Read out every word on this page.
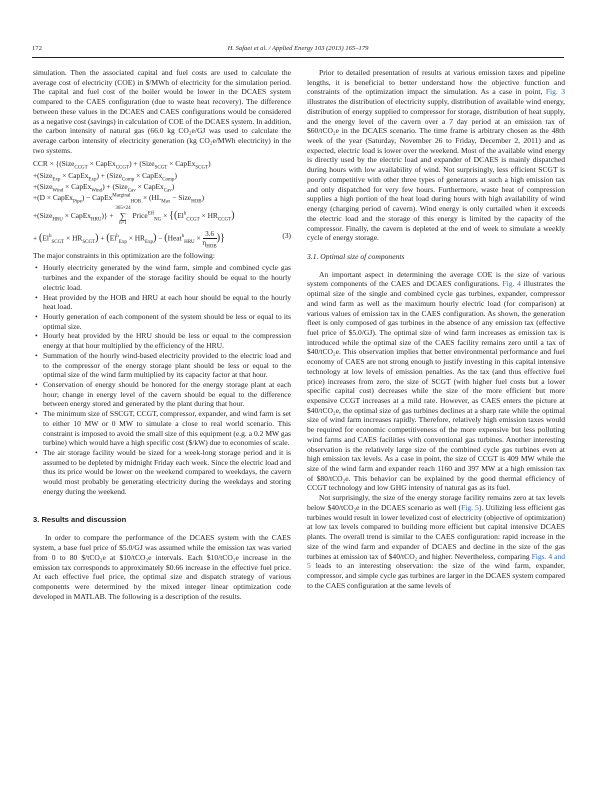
172	H. Safaei et al. / Applied Energy 103 (2013) 165–179

simulation. Then the associated capital and fuel costs are used to calculate the average cost of electricity (COE) in $/MWh of electricity for the simulation period. The capital and fuel cost of the boiler would be lower in the DCAES system compared to the CAES configuration (due to waste heat recovery). The difference between these values in the DCAES and CAES configurations would be considered as a negative cost (savings) in calculation of COE of the DCAES system. In addition, the carbon intensity of natural gas (66.0 kg CO₂e/GJ was used to calculate the average carbon intensity of electricity generation (kg CO₂e/MWh electricity) in the two systems.

CCR × {(Size$_{CCGT}$ × CapEx$_{CCGT}$) + (Size$_{SCGT}$ × CapEx$_{SCGT}$)
+(Size$_{Exp}$ × CapEx$_{Exp}$) + (Size$_{Comp}$ × CapEx$_{Comp}$)
+(Size$_{Wind}$ × CapEx$_{Wind}$) + (Size$_{Cav}$ × CapEx$_{Cav}$)
+(D × CapEx$_{Pipe}$) − CapEx$^{Marginal}_{HOB}$ × ($HL_{Max}$ − Size$_{HOB}$)
+(Size$_{HRU}$ × CapEx$_{HRU}$)} +
365×24
∑
h=1
Price$^{Eff}_{NG}$ × {$(El^h_{CCGT} \times HR_{CCGT})$
+ $(El^h_{SCGT} \times HR_{SCGT}) + (El^h_{Exp} \times HR_{Exp})$ − (Heat$^h_{HRU}$ × $\frac{3.6}{\eta_{HOB}}$ )}	(3)

The major constraints in this optimization are the following:

• Hourly electricity generated by the wind farm, simple and combined cycle gas turbines and the expander of the storage facility should be equal to the hourly electric load.
• Heat provided by the HOB and HRU at each hour should be equal to the hourly heat load.
• Hourly generation of each component of the system should be less or equal to its optimal size.
• Hourly heat provided by the HRU should be less or equal to the compression energy at that hour multiplied by the efficiency of the HRU.
• Summation of the hourly wind-based electricity provided to the electric load and to the compressor of the energy storage plant should be less or equal to the optimal size of the wind farm multiplied by its capacity factor at that hour.
• Conservation of energy should be honored for the energy storage plant at each hour; change in energy level of the cavern should be equal to the difference between energy stored and generated by the plant during that hour.
• The minimum size of SSCGT, CCGT, compressor, expander, and wind farm is set to either 10 MW or 0 MW to simulate a close to real world scenario. This constraint is imposed to avoid the small size of this equipment (e.g. a 0.2 MW gas turbine) which would have a high specific cost ($/kW) due to economies of scale.
• The air storage facility would be sized for a week-long storage period and it is assumed to be depleted by midnight Friday each week. Since the electric load and thus its price would be lower on the weekend compared to weekdays, the cavern would most probably be generating electricity during the weekdays and storing energy during the weekend.
3. Results and discussion

In order to compare the performance of the DCAES system with the CAES system, a base fuel price of $5.0/GJ was assumed while the emission tax was varied from 0 to 80 $/tCO₂e at $10/tCO₂e intervals. Each $10/tCO₂e increase in the emission tax corresponds to approximately $0.66 increase in the effective fuel price. At each effective fuel price, the optimal size and dispatch strategy of various components were determined by the mixed integer linear optimization code developed in MATLAB. The following is a description of the results.

Prior to detailed presentation of results at various emission taxes and pipeline lengths, it is beneficial to better understand how the objective function and constraints of the optimization impact the simulation. As a case in point, Fig. 3 illustrates the distribution of electricity supply, distribution of available wind energy, distribution of energy supplied to compressor for storage, distribution of heat supply, and the energy level of the cavern over a 7 day period at an emission tax of $60/tCO₂e in the DCAES scenario. The time frame is arbitrary chosen as the 48th week of the year (Saturday, November 26 to Friday, December 2, 2011) and as expected, electric load is lower over the weekend. Most of the available wind energy is directly used by the electric load and expander of DCAES is mainly dispatched during hours with low availability of wind. Not surprisingly, less efficient SCGT is poorly competitive with other three types of generators at such a high emission tax and only dispatched for very few hours. Furthermore, waste heat of compression supplies a high portion of the heat load during hours with high availability of wind energy (charging period of cavern). Wind energy is only curtailed when it exceeds the electric load and the storage of this energy is limited by the capacity of the compressor. Finally, the cavern is depleted at the end of week to simulate a weekly cycle of energy storage.

3.1. Optimal size of components

An important aspect in determining the average COE is the size of various system components of the CAES and DCAES configurations. Fig. 4 illustrates the optimal size of the single and combined cycle gas turbines, expander, compressor and wind farm as well as the maximum hourly electric load (for comparison) at various values of emission tax in the CAES configuration. As shown, the generation fleet is only composed of gas turbines in the absence of any emission tax (effective fuel price of $5.0/GJ). The optimal size of wind farm increases as emission tax is introduced while the optimal size of the CAES facility remains zero until a tax of $40/tCO₂e. This observation implies that better environmental performance and fuel economy of CAES are not strong enough to justify investing in this capital intensive technology at low levels of emission penalties. As the tax (and thus effective fuel price) increases from zero, the size of SCGT (with higher fuel costs but a lower specific capital cost) decreases while the size of the more efficient but more expensive CCGT increases at a mild rate. However, as CAES enters the picture at $40/tCO₂e, the optimal size of gas turbines declines at a sharp rate while the optimal size of wind farm increases rapidly. Therefore, relatively high emission taxes would be required for economic competitiveness of the more expensive but less polluting wind farms and CAES facilities with conventional gas turbines. Another interesting observation is the relatively large size of the combined cycle gas turbines even at high emission tax levels. As a case in point, the size of CCGT is 409 MW while the size of the wind farm and expander reach 1160 and 397 MW at a high emission tax of $80/tCO₂e. This behavior can be explained by the good thermal efficiency of CCGT technology and low GHG intensity of natural gas as its fuel.

Not surprisingly, the size of the energy storage facility remains zero at tax levels below $40/tCO₂e in the DCAES scenario as well (Fig. 5). Utilizing less efficient gas turbines would result in lower levelized cost of electricity (objective of optimization) at low tax levels compared to building more efficient but capital intensive DCAES plants. The overall trend is similar to the CAES configuration: rapid increase in the size of the wind farm and expander of DCAES and decline in the size of the gas turbines at emission tax of $40/tCO₂ and higher. Nevertheless, comparing Figs. 4 and 5 leads to an interesting observation: the size of the wind farm, expander, compressor, and simple cycle gas turbines are larger in the DCAES system compared to the CAES configuration at the same levels of
